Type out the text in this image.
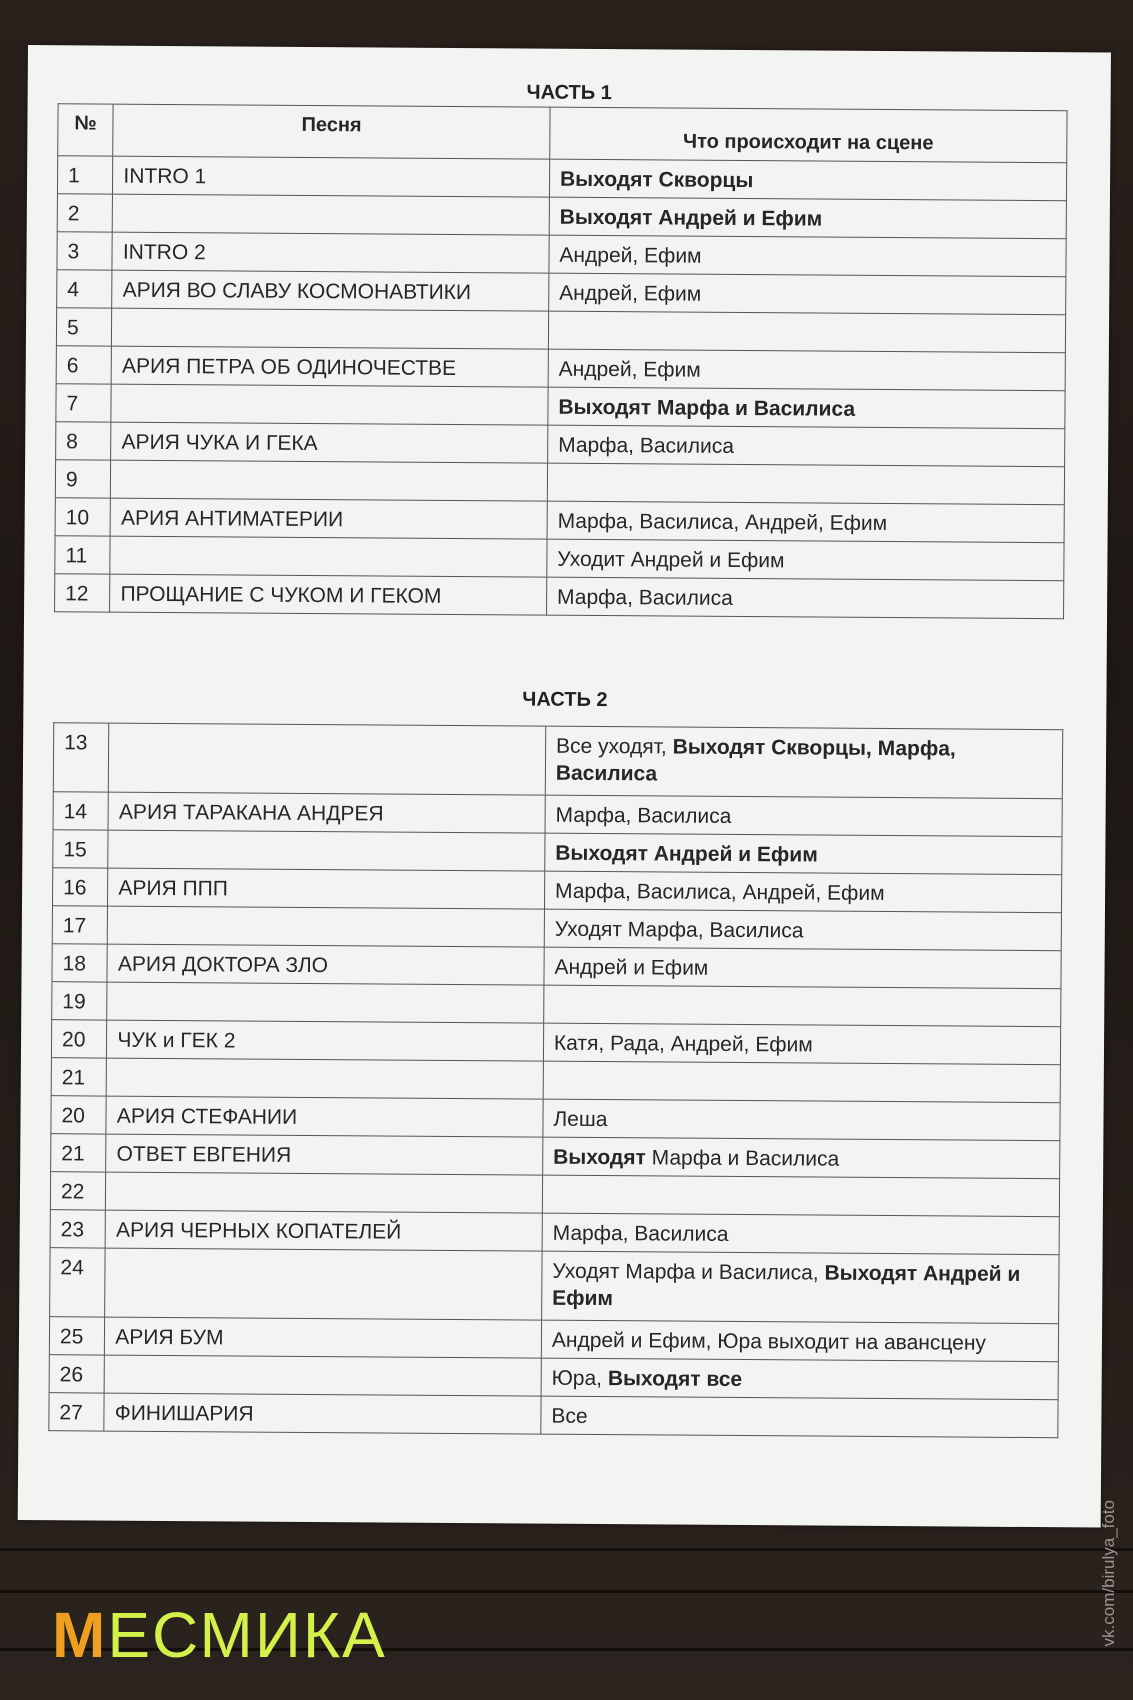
ЧАСТЬ 1
№	Песня	Что происходит на сцене
1	INTRO 1	Выходят Скворцы
2		Выходят Андрей и Ефим
3	INTRO 2	Андрей, Ефим
4	АРИЯ ВО СЛАВУ КОСМОНАВТИКИ	Андрей, Ефим
5		
6	АРИЯ ПЕТРА ОБ ОДИНОЧЕСТВЕ	Андрей, Ефим
7		Выходят Марфа и Василиса
8	АРИЯ ЧУКА И ГЕКА	Марфа, Василиса
9		
10	АРИЯ АНТИМАТЕРИИ	Марфа, Василиса, Андрей, Ефим
11		Уходит Андрей и Ефим
12	ПРОЩАНИЕ С ЧУКОМ И ГЕКОМ	Марфа, Василиса
ЧАСТЬ 2
13		Все уходят, Выходят Скворцы, Марфа, Василиса
14	АРИЯ ТАРАКАНА АНДРЕЯ	Марфа, Василиса
15		Выходят Андрей и Ефим
16	АРИЯ ППП	Марфа, Василиса, Андрей, Ефим
17		Уходят Марфа, Василиса
18	АРИЯ ДОКТОРА ЗЛО	Андрей и Ефим
19		
20	ЧУК и ГЕК 2	Катя, Рада, Андрей, Ефим
21		
20	АРИЯ СТЕФАНИИ	Леша
21	ОТВЕТ ЕВГЕНИЯ	Выходят Марфа и Василиса
22		
23	АРИЯ ЧЕРНЫХ КОПАТЕЛЕЙ	Марфа, Василиса
24		Уходят Марфа и Василиса, Выходят Андрей и Ефим
25	АРИЯ БУМ	Андрей и Ефим, Юра выходит на авансцену
26		Юра, Выходят все
27	ФИНИШАРИЯ	Все
M ЕСМИКА	vk.com/birulya_foto
